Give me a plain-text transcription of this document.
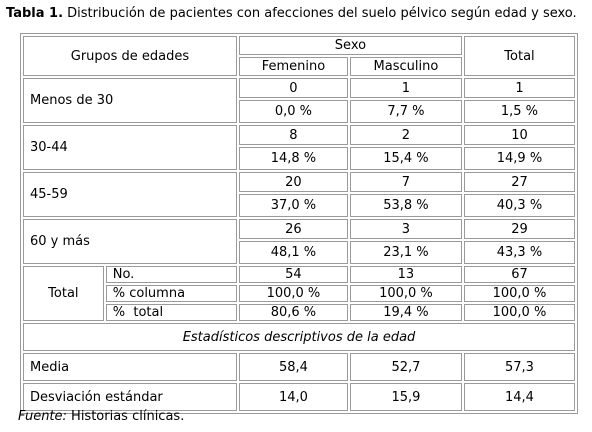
Tabla 1. Distribución de pacientes con afecciones del suelo pélvico según edad y sexo.
Grupos de edades		Sexo		Total
		Femenino	Masculino	
Menos de 30		0	1	1
		0,0 %	7,7 %	1,5 %
30-44		8	2	10
		14,8 %	15,4 %	14,9 %
45-59		20	7	27
		37,0 %	53,8 %	40,3 %
60 y más		26	3	29
		48,1 %	23,1 %	43,3 %
Total	No.	54	13	67
	% columna	100,0 %	100,0 %	100,0 %
	%  total	80,6 %	19,4 %	100,0 %
Estadísticos descriptivos de la edad				
Media		58,4	52,7	57,3
Desviación estándar		14,0	15,9	14,4
Fuente: Historias clínicas.
